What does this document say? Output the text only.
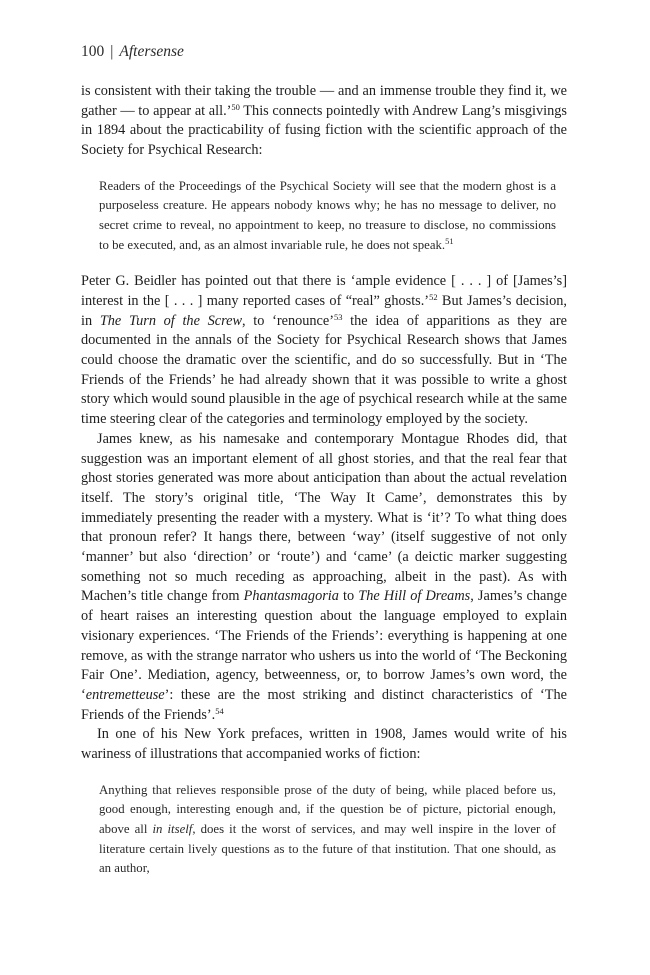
100 | Aftersense

is consistent with their taking the trouble — and an immense trouble they find it, we gather — to appear at all.’$^{50}$ This connects pointedly with Andrew Lang’s misgivings in 1894 about the practicability of fusing fiction with the scientific approach of the Society for Psychical Research:

Readers of the Proceedings of the Psychical Society will see that the modern ghost is a purposeless creature. He appears nobody knows why; he has no message to deliver, no secret crime to reveal, no appointment to keep, no treasure to disclose, no commissions to be executed, and, as an almost invariable rule, he does not speak.$^{51}$

Peter G. Beidler has pointed out that there is ‘ample evidence [ . . . ] of [James’s] interest in the [ . . . ] many reported cases of “real” ghosts.’$^{52}$ But James’s decision, in The Turn of the Screw, to ‘renounce’$^{53}$ the idea of apparitions as they are documented in the annals of the Society for Psychical Research shows that James could choose the dramatic over the scientific, and do so successfully. But in ‘The Friends of the Friends’ he had already shown that it was possible to write a ghost story which would sound plausible in the age of psychical research while at the same time steering clear of the categories and terminology employed by the society.

James knew, as his namesake and contemporary Montague Rhodes did, that suggestion was an important element of all ghost stories, and that the real fear that ghost stories generated was more about anticipation than about the actual revelation itself. The story’s original title, ‘The Way It Came’, demonstrates this by immediately presenting the reader with a mystery. What is ‘it’? To what thing does that pronoun refer? It hangs there, between ‘way’ (itself suggestive of not only ‘manner’ but also ‘direction’ or ‘route’) and ‘came’ (a deictic marker suggesting something not so much receding as approaching, albeit in the past). As with Machen’s title change from Phantasmagoria to The Hill of Dreams, James’s change of heart raises an interesting question about the language employed to explain visionary experiences. ‘The Friends of the Friends’: everything is happening at one remove, as with the strange narrator who ushers us into the world of ‘The Beckoning Fair One’. Mediation, agency, betweenness, or, to borrow James’s own word, the ‘entremetteuse’: these are the most striking and distinct characteristics of ‘The Friends of the Friends’.$^{54}$

In one of his New York prefaces, written in 1908, James would write of his wariness of illustrations that accompanied works of fiction:

Anything that relieves responsible prose of the duty of being, while placed before us, good enough, interesting enough and, if the question be of picture, pictorial enough, above all in itself, does it the worst of services, and may well inspire in the lover of literature certain lively questions as to the future of that institution. That one should, as an author,
